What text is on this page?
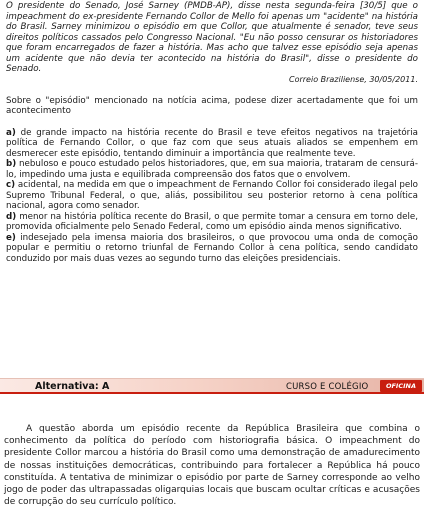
O presidente do Senado, José Sarney (PMDB-AP), disse nesta segunda-feira [30/5] que o impeachment do ex-presidente Fernando Collor de Mello foi apenas um "acidente" na história do Brasil. Sarney minimizou o episódio em que Collor, que atualmente é senador, teve seus direitos políticos cassados pelo Congresso Nacional. "Eu não posso censurar os historiadores que foram encarregados de fazer a história. Mas acho que talvez esse episódio seja apenas um acidente que não devia ter acontecido na história do Brasil", disse o presidente do Senado.

Correio Braziliense, 30/05/2011.

Sobre o "episódio" mencionado na notícia acima, podese dizer acertadamente que foi um acontecimento

a) de grande impacto na história recente do Brasil e teve efeitos negativos na trajetória política de Fernando Collor, o que faz com que seus atuais aliados se empenhem em desmerecer este episódio, tentando diminuir a importância que realmente teve.

b) nebuloso e pouco estudado pelos historiadores, que, em sua maioria, trataram de censurá-lo, impedindo uma justa e equilibrada compreensão dos fatos que o envolvem.

c) acidental, na medida em que o impeachment de Fernando Collor foi considerado ilegal pelo Supremo Tribunal Federal, o que, aliás, possibilitou seu posterior retorno à cena política nacional, agora como senador.

d) menor na história política recente do Brasil, o que permite tomar a censura em torno dele, promovida oficialmente pelo Senado Federal, como um episódio ainda menos significativo.

e) indesejado pela imensa maioria dos brasileiros, o que provocou uma onda de comoção popular e permitiu o retorno triunfal de Fernando Collor à cena política, sendo candidato conduzido por mais duas vezes ao segundo turno das eleições presidenciais.

Alternativa: A	CURSO E COLÉGIO	OFICINA

A questão aborda um episódio recente da República Brasileira que combina o conhecimento da política do período com historiografia básica. O impeachment do presidente Collor marcou a história do Brasil como uma demonstração de amadurecimento de nossas instituições democráticas, contribuindo para fortalecer a República há pouco constituída. A tentativa de minimizar o episódio por parte de Sarney corresponde ao velho jogo de poder das ultrapassadas oligarquias locais que buscam ocultar críticas e acusações de corrupção do seu currículo político.
